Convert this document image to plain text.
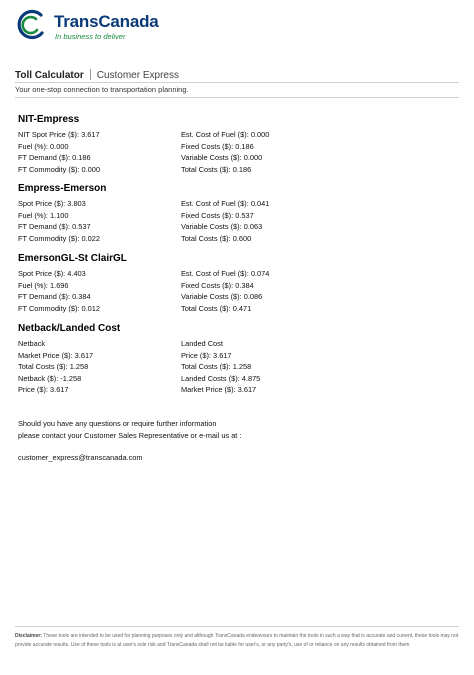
TransCanada
In business to deliver
Toll Calculator Customer Express
Your one-stop connection to transportation planning.
NIT-Empress
NIT Spot Price ($): 3.617
Fuel (%): 0.000
FT Demand ($): 0.186
FT Commodity ($): 0.000
Est. Cost of Fuel ($): 0.000
Fixed Costs ($): 0.186
Variable Costs ($): 0.000
Total Costs ($): 0.186
Empress-Emerson
Spot Price ($): 3.803
Fuel (%): 1.100
FT Demand ($): 0.537
FT Commodity ($): 0.022
Est. Cost of Fuel ($): 0.041
Fixed Costs ($): 0.537
Variable Costs ($): 0.063
Total Costs ($): 0.600
EmersonGL-St ClairGL
Spot Price ($): 4.403
Fuel (%): 1.696
FT Demand ($): 0.384
FT Commodity ($): 0.012
Est. Cost of Fuel ($): 0.074
Fixed Costs ($): 0.384
Variable Costs ($): 0.086
Total Costs ($): 0.471
Netback/Landed Cost
Netback
Market Price ($): 3.617
Total Costs ($): 1.258
Netback ($): -1.258
Price ($): 3.617
Landed Cost
Price ($): 3.617
Total Costs ($): 1.258
Landed Costs ($): 4.875
Market Price ($): 3.617
Should you have any questions or require further information
please contact your Customer Sales Representative or e-mail us at :
customer_express@transcanada.com
Disclaimer: These tools are intended to be used for planning purposes only and although TransCanada endeavours to maintain the tools in such a way that is accurate and current, these tools may not provide accurate results. Use of these tools is at user's sole risk and TransCanada shall not be liable for user's, or any party's, use of or reliance on any results obtained from them
